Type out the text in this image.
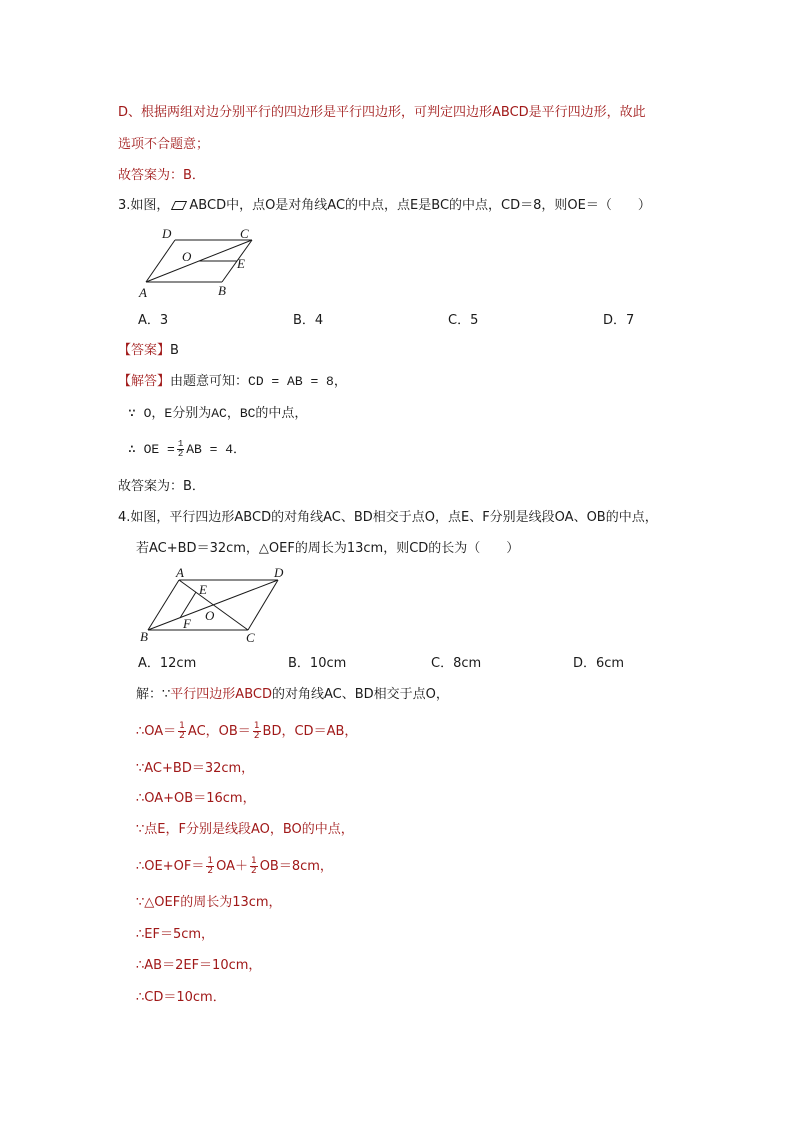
D、根据两组对边分别平行的四边形是平行四边形，可判定四边形ABCD是平行四边形，故此
选项不合题意；
故答案为：B．
3.如图， ABCD中，点O是对角线AC的中点，点E是BC的中点，CD＝8，则OE＝（　　）
D	C
O	E
A	B
A．3	B．4	C．5	D．7
【答案】B
【解答】由题意可知：CD = AB = 8，
∵ O，E分别为AC，BC的中点，
∴ OE = $\frac{1}{2}$ AB = 4．
故答案为：B．
4.如图，平行四边形ABCD的对角线AC、BD相交于点O，点E、F分别是线段OA、OB的中点，
若AC+BD＝32cm，△OEF的周长为13cm，则CD的长为（　　）
A	D
E
O
F
B	C
A．12cm	B．10cm	C．8cm	D．6cm
解：∵平行四边形ABCD的对角线AC、BD相交于点O，
∴OA＝ $\frac{1}{2}$ AC，$OB= \frac{1}{2}$ BD，CD＝AB，
∵AC+BD＝32cm，
∴OA+OB＝16cm，
∵点E，F分别是线段AO，BO的中点，
∴OE+OF＝ $\frac{1}{2} OA+ \frac{1}{2} OB=8cm$，
∵△OEF的周长为13cm，
∴EF＝5cm，
∴AB＝2EF＝10cm，
∴CD＝10cm．
